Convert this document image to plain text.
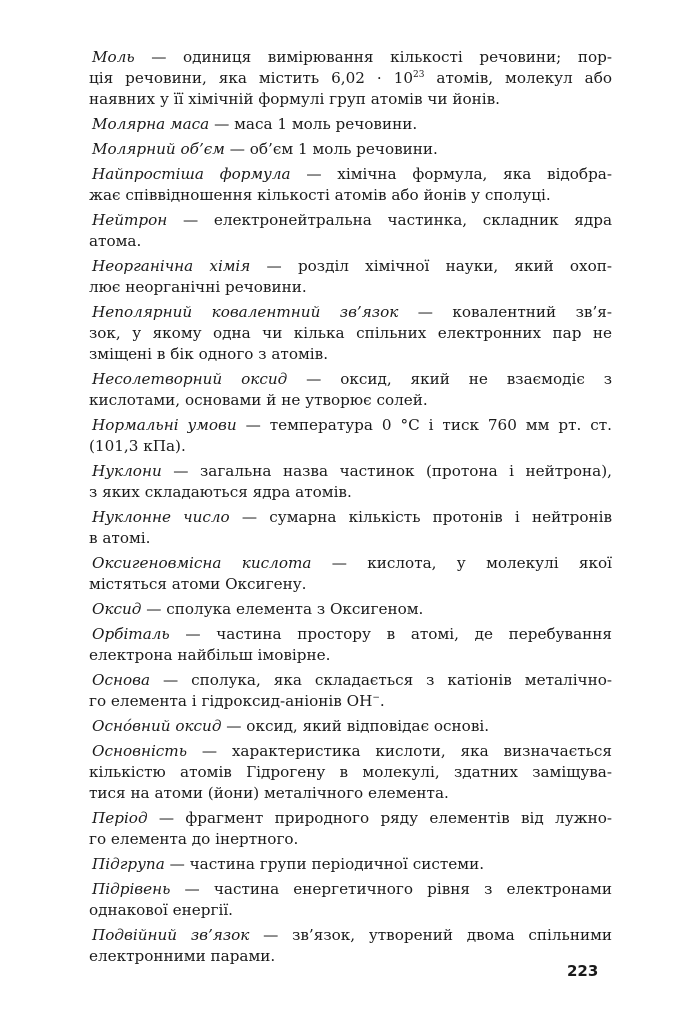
Моль — одиниця вимірювання кількості речовини; пор-
ція речовини, яка містить $6,02 \cdot 10^{23}$ атомів, молекул або
наявних у її хімічній формулі груп атомів чи йонів.
Молярна маса — маса 1 моль речовини.
Молярний об’єм — об’єм 1 моль речовини.
Найпростіша формула — хімічна формула, яка відобра-
жає співвідношення кількості атомів або йонів у сполуці.
Нейтрон — електронейтральна частинка, складник ядра
атома.
Неорганічна хімія — розділ хімічної науки, який охоп-
лює неорганічні речовини.
Неполярний ковалентний зв’язок — ковалентний зв’я-
зок, у якому одна чи кілька спільних електронних пар не
зміщені в бік одного з атомів.
Несолетворний оксид — оксид, який не взаємодіє з
кислотами, основами й не утворює солей.
Нормальні умови — температура 0 °C і тиск 760 мм рт. ст.
(101,3 кПа).
Нуклони — загальна назва частинок (протона і нейтрона),
з яких складаються ядра атомів.
Нуклонне число — сумарна кількість протонів і нейтронів
в атомі.
Оксигеновмісна кислота — кислота, у молекулі якої
містяться атоми Оксигену.
Оксид — сполука елемента з Оксигеном.
Орбіталь — частина простору в атомі, де перебування
електрона найбільш імовірне.
Основа — сполука, яка складається з катіонів металічно-
го елемента і гідроксид-аніонів OH−.
Осно́вний оксид — оксид, який відповідає основі.
Основність — характеристика кислоти, яка визначається
кількістю атомів Гідрогену в молекулі, здатних заміщува-
тися на атоми (йони) металічного елемента.
Період — фрагмент природного ряду елементів від лужно-
го елемента до інертного.
Підгрупа — частина групи періодичної системи.
Підрівень — частина енергетичного рівня з електронами
однакової енергії.
Подвійний зв’язок — зв’язок, утворений двома спільними
електронними парами.
223
